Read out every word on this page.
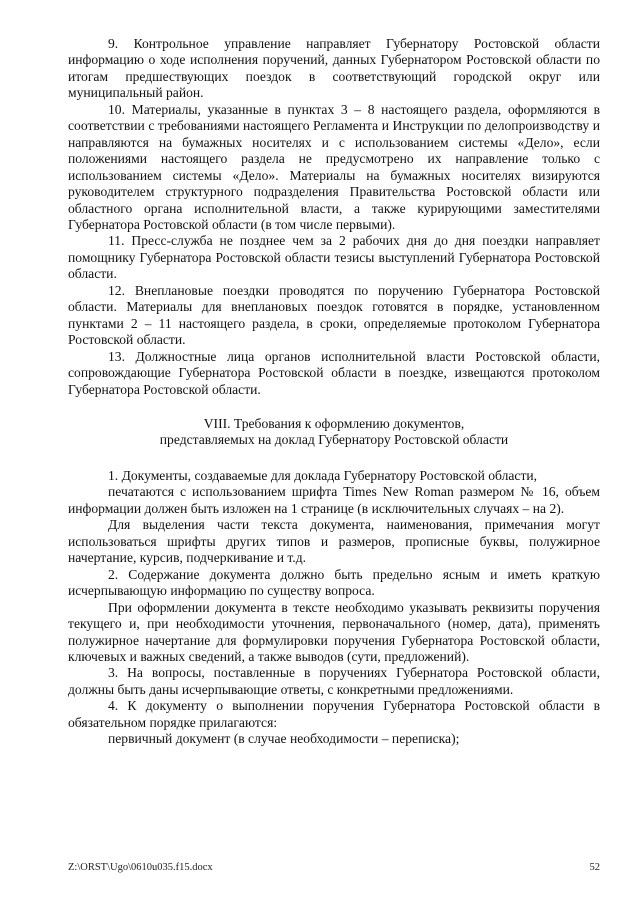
9. Контрольное управление направляет Губернатору Ростовской области информацию о ходе исполнения поручений, данных Губернатором Ростовской области по итогам предшествующих поездок в соответствующий городской округ или муниципальный район.

10. Материалы, указанные в пунктах 3 – 8 настоящего раздела, оформляются в соответствии с требованиями настоящего Регламента и Инструкции по делопроизводству и направляются на бумажных носителях и с использованием системы «Дело», если положениями настоящего раздела не предусмотрено их направление только с использованием системы «Дело». Материалы на бумажных носителях визируются руководителем структурного подразделения Правительства Ростовской области или областного органа исполнительной власти, а также курирующими заместителями Губернатора Ростовской области (в том числе первыми).

11. Пресс-служба не позднее чем за 2 рабочих дня до дня поездки направляет помощнику Губернатора Ростовской области тезисы выступлений Губернатора Ростовской области.

12. Внеплановые поездки проводятся по поручению Губернатора Ростовской области. Материалы для внеплановых поездок готовятся в порядке, установленном пунктами 2 – 11 настоящего раздела, в сроки, определяемые протоколом Губернатора Ростовской области.

13. Должностные лица органов исполнительной власти Ростовской области, сопровождающие Губернатора Ростовской области в поездке, извещаются протоколом Губернатора Ростовской области.

VIII. Требования к оформлению документов,
представляемых на доклад Губернатору Ростовской области

1. Документы, создаваемые для доклада Губернатору Ростовской области,

печатаются с использованием шрифта Times New Roman размером № 16, объем информации должен быть изложен на 1 странице (в исключительных случаях – на 2).

Для выделения части текста документа, наименования, примечания могут использоваться шрифты других типов и размеров, прописные буквы, полужирное начертание, курсив, подчеркивание и т.д.

2. Содержание документа должно быть предельно ясным и иметь краткую исчерпывающую информацию по существу вопроса.

При оформлении документа в тексте необходимо указывать реквизиты поручения текущего и, при необходимости уточнения, первоначального (номер, дата), применять полужирное начертание для формулировки поручения Губернатора Ростовской области, ключевых и важных сведений, а также выводов (сути, предложений).

3. На вопросы, поставленные в поручениях Губернатора Ростовской области, должны быть даны исчерпывающие ответы, с конкретными предложениями.

4. К документу о выполнении поручения Губернатора Ростовской области в обязательном порядке прилагаются:

первичный документ (в случае необходимости – переписка);

Z:\ORST\Ugo\0610u035.f15.docx	52
